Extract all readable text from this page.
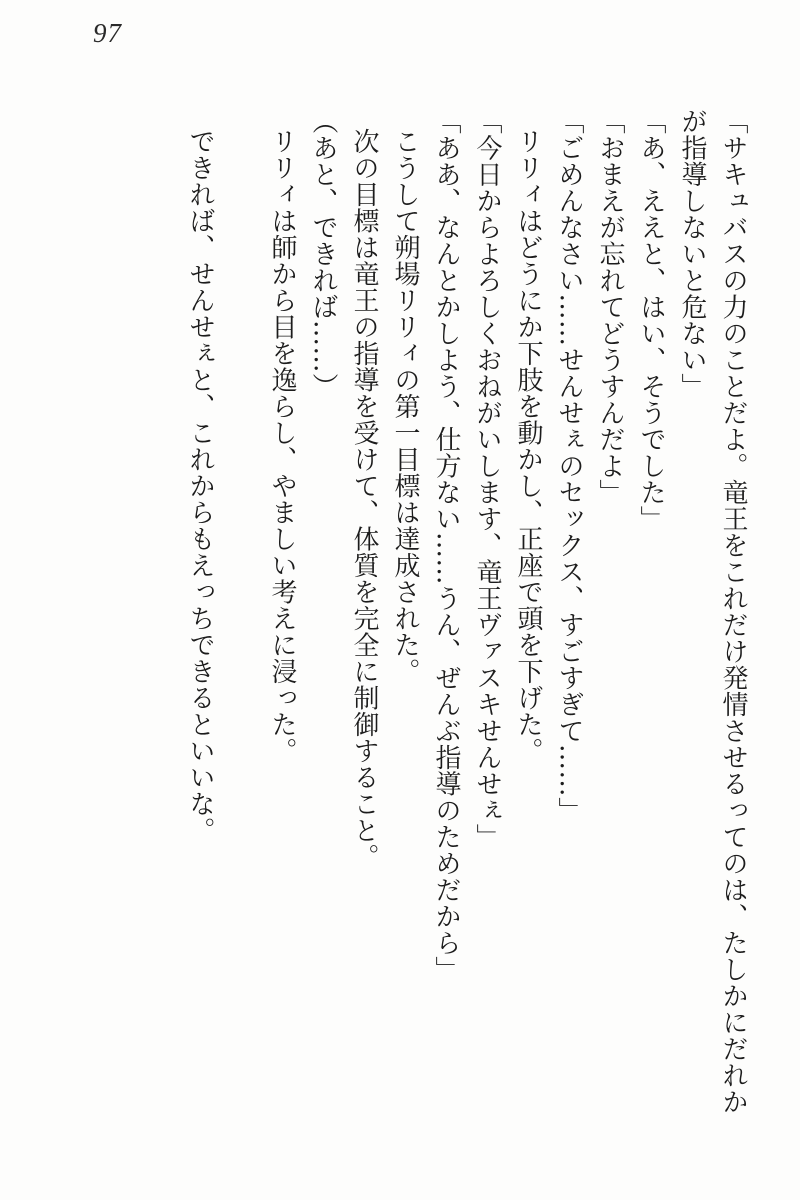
97

「サキュバスの力のことだよ。竜王をこれだけ発情させるってのは、たしかにだれか

が指導しないと危ない」

「あ、ええと、はい、そうでした」

「おまえが忘れてどうすんだよ」

「ごめんなさい……せんせぇのセックス、すごすぎて……」

リリィはどうにか下肢を動かし、正座で頭を下げた。

「今日からよろしくおねがいします、竜王ヴァスキせんせぇ」

「ああ、なんとかしよう、仕方ない……うん、ぜんぶ指導のためだから」

こうして朔場リリィの第一目標は達成された。

次の目標は竜王の指導を受けて、体質を完全に制御すること。

（あと、できれば……）

リリィは師から目を逸らし、やましい考えに浸った。

できれば、せんせぇと、これからもえっちできるといいな。
